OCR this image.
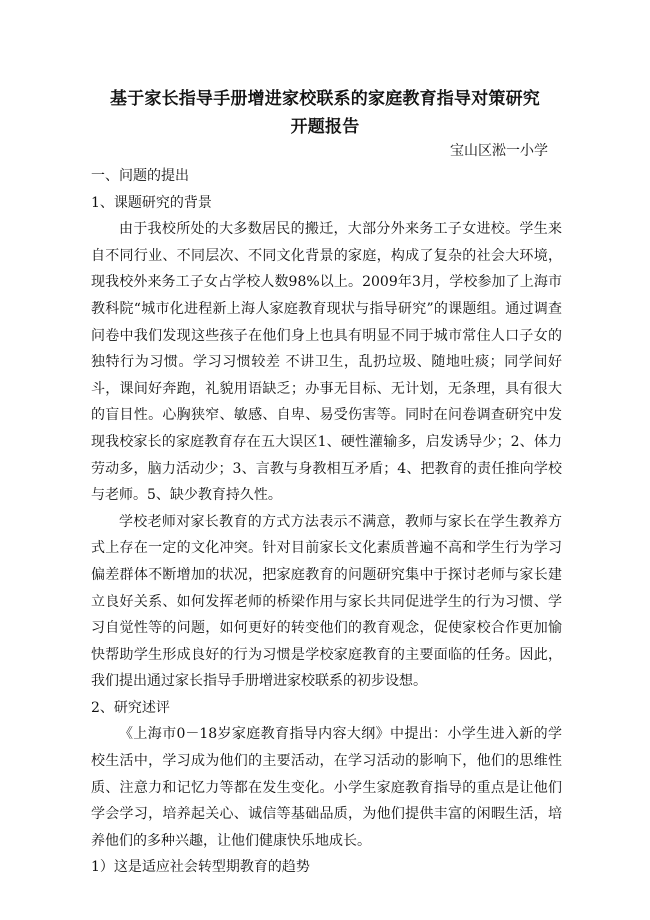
基于家长指导手册增进家校联系的家庭教育指导对策研究
开题报告

宝山区淞一小学

一、问题的提出

1、课题研究的背景

由于我校所处的大多数居民的搬迁，大部分外来务工子女进校。学生来自不同行业、不同层次、不同文化背景的家庭，构成了复杂的社会大环境，现我校外来务工子女占学校人数98%以上。2009年3月，学校参加了上海市教科院“城市化进程新上海人家庭教育现状与指导研究”的课题组。通过调查问卷中我们发现这些孩子在他们身上也具有明显不同于城市常住人口子女的独特行为习惯。学习习惯较差 不讲卫生，乱扔垃圾、随地吐痰；同学间好斗，课间好奔跑，礼貌用语缺乏；办事无目标、无计划，无条理，具有很大的盲目性。心胸狭窄、敏感、自卑、易受伤害等。同时在问卷调查研究中发现我校家长的家庭教育存在五大误区1、硬性灌输多，启发诱导少；2、体力劳动多，脑力活动少；3、言教与身教相互矛盾；4、把教育的责任推向学校与老师。5、缺少教育持久性。

学校老师对家长教育的方式方法表示不满意，教师与家长在学生教养方式上存在一定的文化冲突。针对目前家长文化素质普遍不高和学生行为学习偏差群体不断增加的状况，把家庭教育的问题研究集中于探讨老师与家长建立良好关系、如何发挥老师的桥梁作用与家长共同促进学生的行为习惯、学习自觉性等的问题，如何更好的转变他们的教育观念，促使家校合作更加愉快帮助学生形成良好的行为习惯是学校家庭教育的主要面临的任务。因此，我们提出通过家长指导手册增进家校联系的初步设想。

2、研究述评

《上海市0－18岁家庭教育指导内容大纲》中提出：小学生进入新的学校生活中，学习成为他们的主要活动，在学习活动的影响下，他们的思维性质、注意力和记忆力等都在发生变化。小学生家庭教育指导的重点是让他们学会学习，培养起关心、诚信等基础品质，为他们提供丰富的闲暇生活，培养他们的多种兴趣，让他们健康快乐地成长。

1）这是适应社会转型期教育的趋势
